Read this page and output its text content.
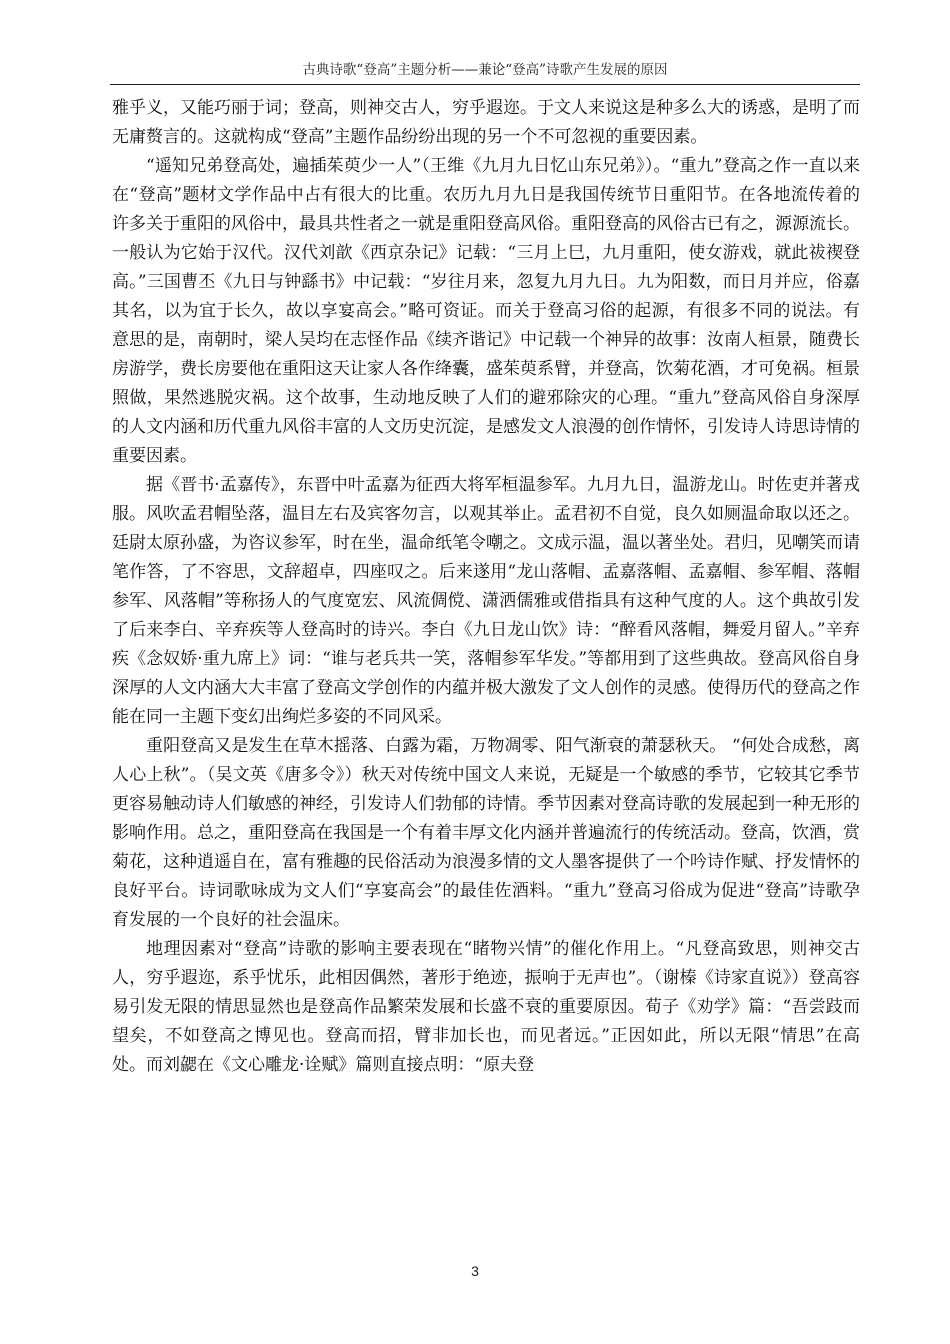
古典诗歌“登高”主题分析——兼论“登高”诗歌产生发展的原因

雅乎义，又能巧丽于词；登高，则神交古人，穷乎遐迩。于文人来说这是种多么大的诱惑，是明了而无庸赘言的。这就构成“登高”主题作品纷纷出现的另一个不可忽视的重要因素。

“遥知兄弟登高处，遍插茱萸少一人”（王维《九月九日忆山东兄弟》）。“重九”登高之作一直以来在“登高”题材文学作品中占有很大的比重。农历九月九日是我国传统节日重阳节。在各地流传着的许多关于重阳的风俗中，最具共性者之一就是重阳登高风俗。重阳登高的风俗古已有之，源源流长。一般认为它始于汉代。汉代刘歆《西京杂记》记载：“三月上巳，九月重阳，使女游戏，就此祓禊登高。”三国曹丕《九日与钟繇书》中记载：“岁往月来，忽复九月九日。九为阳数，而日月并应，俗嘉其名，以为宜于长久，故以享宴高会。”略可资证。而关于登高习俗的起源，有很多不同的说法。有意思的是，南朝时，梁人吴均在志怪作品《续齐谐记》中记载一个神异的故事：汝南人桓景，随费长房游学，费长房要他在重阳这天让家人各作绛囊，盛茱萸系臂，并登高，饮菊花酒，才可免祸。桓景照做，果然逃脱灾祸。这个故事，生动地反映了人们的避邪除灾的心理。“重九”登高风俗自身深厚的人文内涵和历代重九风俗丰富的人文历史沉淀，是感发文人浪漫的创作情怀，引发诗人诗思诗情的重要因素。

据《晋书·孟嘉传》，东晋中叶孟嘉为征西大将军桓温参军。九月九日，温游龙山。时佐吏并著戎服。风吹孟君帽坠落，温目左右及宾客勿言，以观其举止。孟君初不自觉，良久如厕温命取以还之。廷尉太原孙盛，为咨议参军，时在坐，温命纸笔令嘲之。文成示温，温以著坐处。君归，见嘲笑而请笔作答，了不容思，文辞超卓，四座叹之。后来遂用“龙山落帽、孟嘉落帽、孟嘉帽、参军帽、落帽参军、风落帽”等称扬人的气度宽宏、风流倜傥、潇洒儒雅或借指具有这种气度的人。这个典故引发了后来李白、辛弃疾等人登高时的诗兴。李白《九日龙山饮》诗：“醉看风落帽，舞爱月留人。”辛弃疾《念奴娇·重九席上》词：“谁与老兵共一笑，落帽参军华发。”等都用到了这些典故。登高风俗自身深厚的人文内涵大大丰富了登高文学创作的内蕴并极大激发了文人创作的灵感。使得历代的登高之作能在同一主题下变幻出绚烂多姿的不同风采。

重阳登高又是发生在草木摇落、白露为霜，万物凋零、阳气渐衰的萧瑟秋天。 “何处合成愁，离人心上秋”。（吴文英《唐多令》）秋天对传统中国文人来说，无疑是一个敏感的季节，它较其它季节更容易触动诗人们敏感的神经，引发诗人们勃郁的诗情。季节因素对登高诗歌的发展起到一种无形的影响作用。总之，重阳登高在我国是一个有着丰厚文化内涵并普遍流行的传统活动。登高，饮酒，赏菊花，这种逍遥自在，富有雅趣的民俗活动为浪漫多情的文人墨客提供了一个吟诗作赋、抒发情怀的良好平台。诗词歌咏成为文人们“享宴高会”的最佳佐酒料。“重九”登高习俗成为促进“登高”诗歌孕育发展的一个良好的社会温床。

地理因素对“登高”诗歌的影响主要表现在“睹物兴情”的催化作用上。“凡登高致思，则神交古人，穷乎遐迩，系乎忧乐，此相因偶然，著形于绝迹，振响于无声也”。（谢榛《诗家直说》）登高容易引发无限的情思显然也是登高作品繁荣发展和长盛不衰的重要原因。荀子《劝学》篇：“吾尝跂而望矣，不如登高之博见也。登高而招，臂非加长也，而见者远。”正因如此，所以无限“情思”在高处。而刘勰在《文心雕龙·诠赋》篇则直接点明：“原夫登

3
